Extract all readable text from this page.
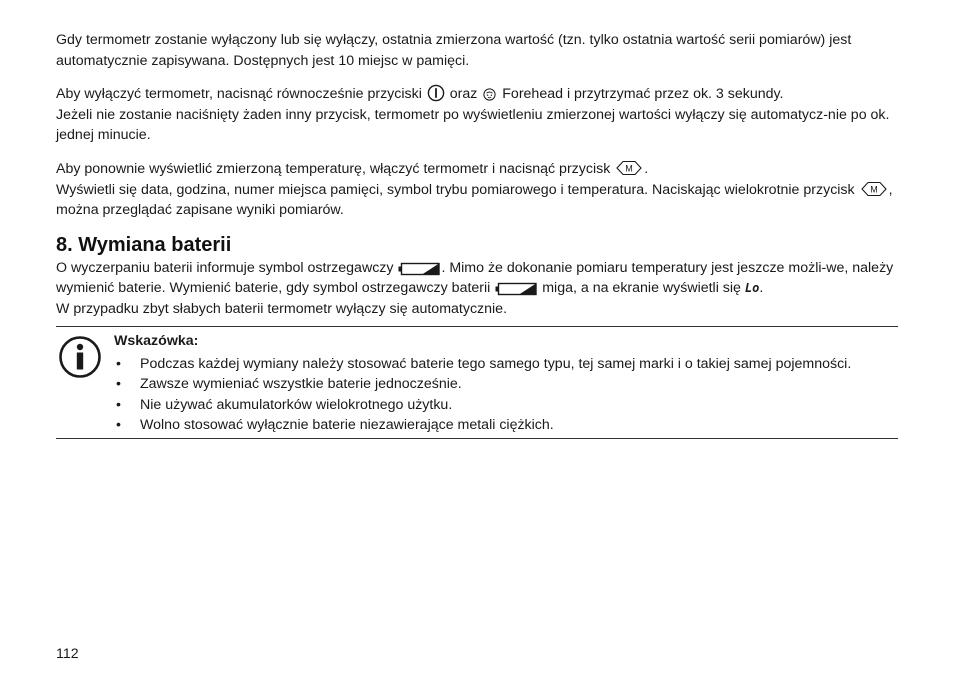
Gdy termometr zostanie wyłączony lub się wyłączy, ostatnia zmierzona wartość (tzn. tylko ostatnia wartość serii pomiarów) jest automatycznie zapisywana. Dostępnych jest 10 miejsc w pamięci.

Aby wyłączyć termometr, nacisnąć równocześnie przyciski oraz Forehead i przytrzymać przez ok. 3 sekundy.
Jeżeli nie zostanie naciśnięty żaden inny przycisk, termometr po wyświetleniu zmierzonej wartości wyłączy się automatycz-nie po ok. jednej minucie.

Aby ponownie wyświetlić zmierzoną temperaturę, włączyć termometr i nacisnąć przycisk M .
Wyświetli się data, godzina, numer miejsca pamięci, symbol trybu pomiarowego i temperatura. Naciskając wielokrotnie przycisk M , można przeglądać zapisane wyniki pomiarów.

8. Wymiana baterii

O wyczerpaniu baterii informuje symbol ostrzegawczy	. Mimo że dokonanie pomiaru temperatury jest jeszcze możli-we, należy wymienić baterie. Wymienić baterie, gdy symbol ostrzegawczy baterii	miga, a na ekranie wyświetli się Lo.
W przypadku zbyt słabych baterii termometr wyłączy się automatycznie.

Wskazówka:
• Podczas każdej wymiany należy stosować baterie tego samego typu, tej samej marki i o takiej samej pojemności.
• Zawsze wymieniać wszystkie baterie jednocześnie.
• Nie używać akumulatorków wielokrotnego użytku.
• Wolno stosować wyłącznie baterie niezawierające metali ciężkich.
112
